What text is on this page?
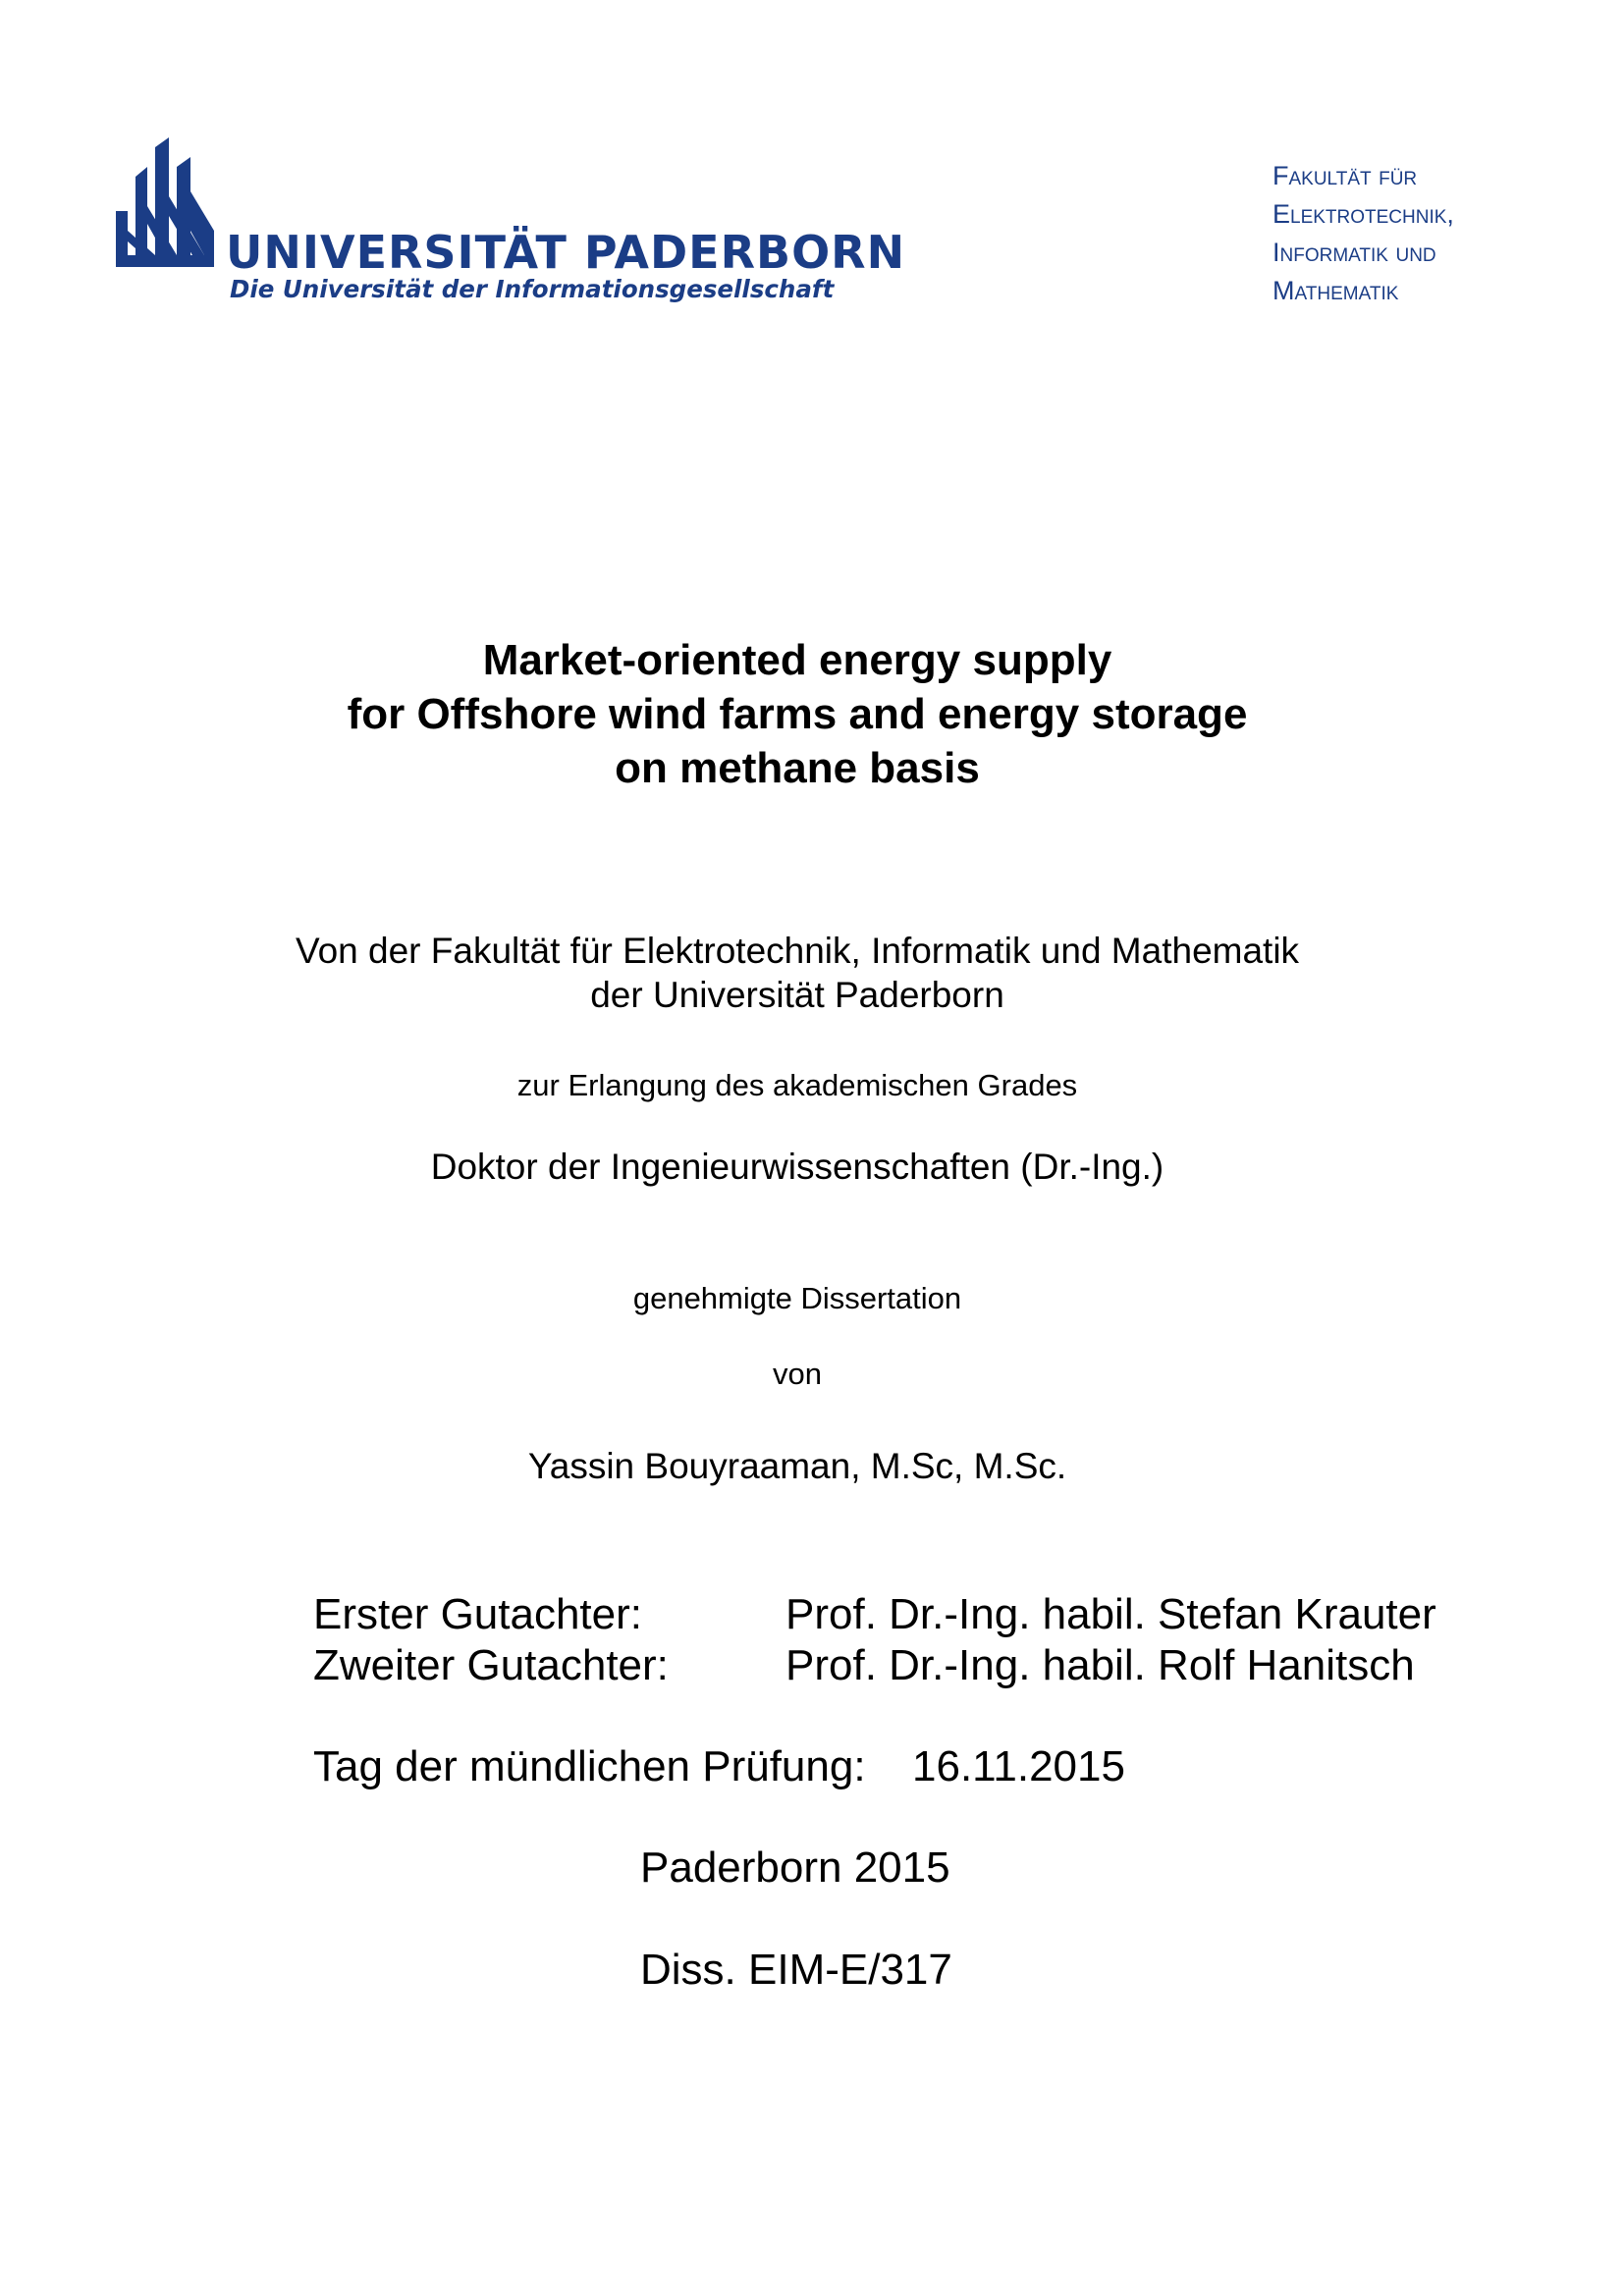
UNIVERSITÄT PADERBORN
Die Universität der Informationsgesellschaft
Fakultät für
Elektrotechnik,
Informatik und
Mathematik
Market-oriented energy supply
for Offshore wind farms and energy storage
on methane basis
Von der Fakultät für Elektrotechnik, Informatik und Mathematik
der Universität Paderborn
zur Erlangung des akademischen Grades
Doktor der Ingenieurwissenschaften (Dr.-Ing.)
genehmigte Dissertation
von
Yassin Bouyraaman, M.Sc, M.Sc.
Erster Gutachter:	Prof. Dr.-Ing. habil. Stefan Krauter
Zweiter Gutachter:	Prof. Dr.-Ing. habil. Rolf Hanitsch
Tag der mündlichen Prüfung: 16.11.2015
Paderborn 2015
Diss. EIM-E/317
